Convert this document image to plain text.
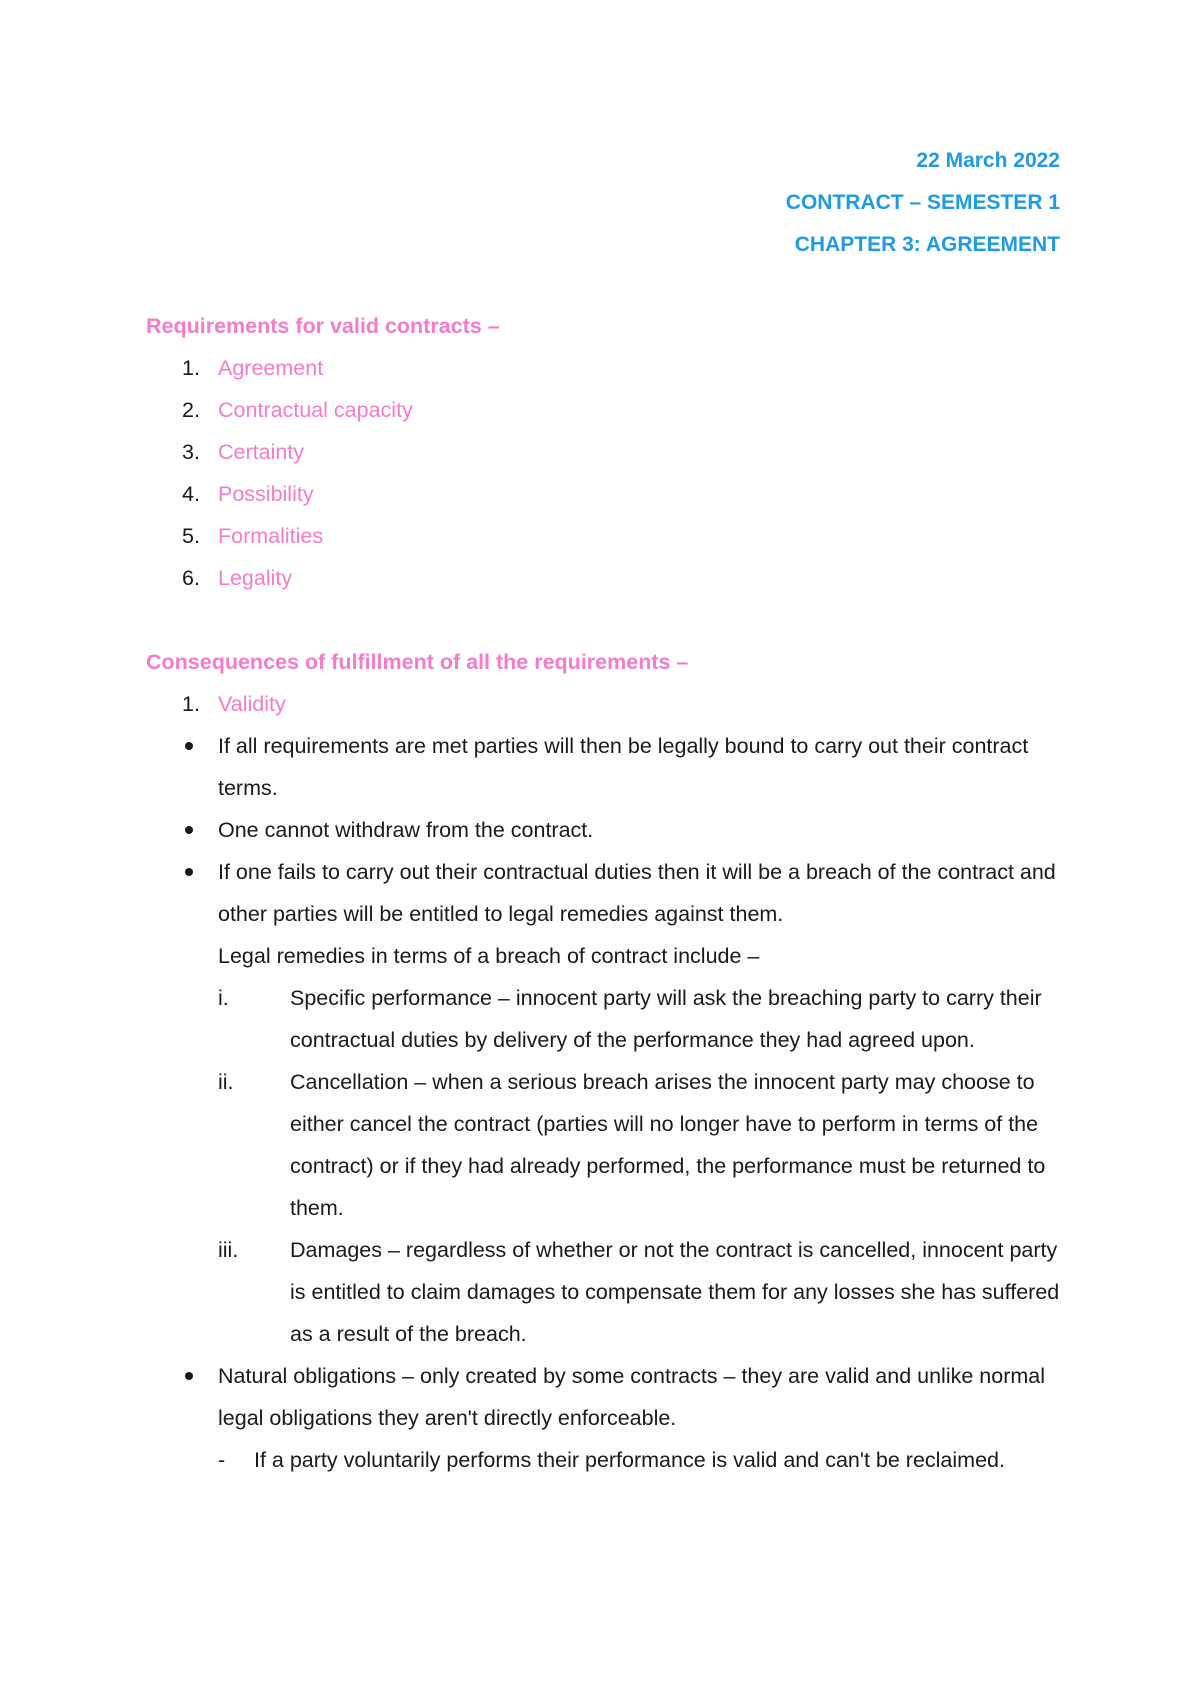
22 March 2022
CONTRACT – SEMESTER 1
CHAPTER 3: AGREEMENT

Requirements for valid contracts –

1. Agreement
2. Contractual capacity
3. Certainty
4. Possibility
5. Formalities
6. Legality

Consequences of fulfillment of all the requirements –

1. Validity
If all requirements are met parties will then be legally bound to carry out their contract terms.
One cannot withdraw from the contract.
If one fails to carry out their contractual duties then it will be a breach of the contract and other parties will be entitled to legal remedies against them.
Legal remedies in terms of a breach of contract include –
i.	Specific performance – innocent party will ask the breaching party to carry their contractual duties by delivery of the performance they had agreed upon.
ii.	Cancellation – when a serious breach arises the innocent party may choose to either cancel the contract (parties will no longer have to perform in terms of the contract) or if they had already performed, the performance must be returned to them.
iii. Damages – regardless of whether or not the contract is cancelled, innocent party is entitled to claim damages to compensate them for any losses she has suffered as a result of the breach.
Natural obligations – only created by some contracts – they are valid and unlike normal legal obligations they aren't directly enforceable.
- If a party voluntarily performs their performance is valid and can't be reclaimed.
